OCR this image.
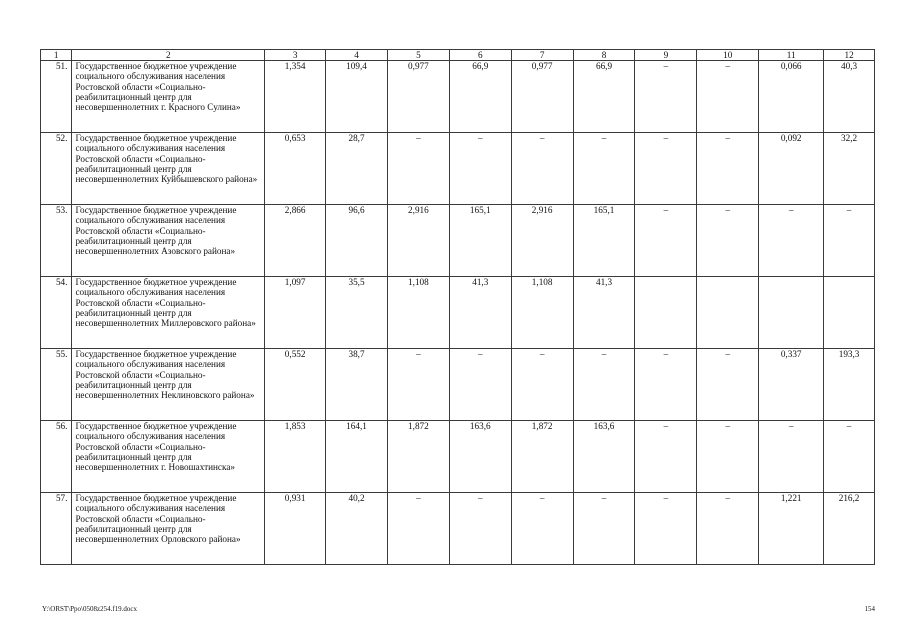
1	2	3	4	5	6	7	8	9	10	11	12
51.	Государственное бюджетное учреждение социального обслуживания населения Ростовской области «Социально-реабилитационный центр для несовершеннолетних г. Красного Сулина»	1,354	109,4	0,977	66,9	0,977	66,9	–	–	0,066	40,3
52.	Государственное бюджетное учреждение социального обслуживания населения Ростовской области «Социально-реабилитационный центр для несовершеннолетних Куйбышевского района»	0,653	28,7	–	–	–	–	–	–	0,092	32,2
53.	Государственное бюджетное учреждение социального обслуживания населения Ростовской области «Социально-реабилитационный центр для несовершеннолетних Азовского района»	2,866	96,6	2,916	165,1	2,916	165,1	–	–	–	–
54.	Государственное бюджетное учреждение социального обслуживания населения Ростовской области «Социально-реабилитационный центр для несовершеннолетних Миллеровского района»	1,097	35,5	1,108	41,3	1,108	41,3				
55.	Государственное бюджетное учреждение социального обслуживания населения Ростовской области «Социально-реабилитационный центр для несовершеннолетних Неклиновского района»	0,552	38,7	–	–	–	–	–	–	0,337	193,3
56.	Государственное бюджетное учреждение социального обслуживания населения Ростовской области «Социально-реабилитационный центр для несовершеннолетних г. Новошахтинска»	1,853	164,1	1,872	163,6	1,872	163,6	–	–	–	–
57.	Государственное бюджетное учреждение социального обслуживания населения Ростовской области «Социально-реабилитационный центр для несовершеннолетних Орловского района»	0,931	40,2	–	–	–	–	–	–	1,221	216,2
Y:\ORST\Ppo\0508z254.f19.docx	154
